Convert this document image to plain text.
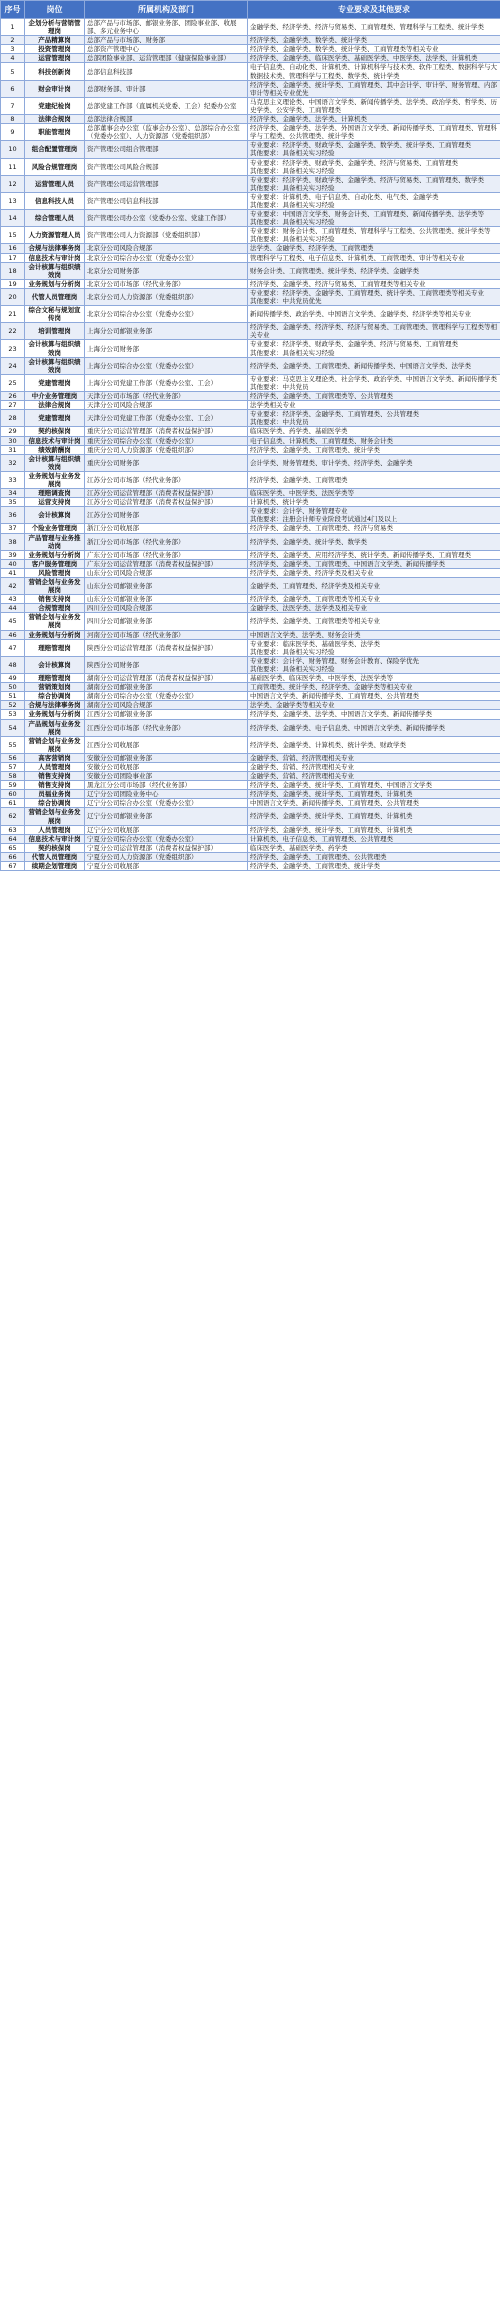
序号	岗位	所属机构及部门	专业要求及其他要求
1	企划分析与营销管理岗	总部产品与市场部、邮银业务部、团险事业部、收展部、多元业务中心	金融学类、经济学类、经济与贸易类、工商管理类、管理科学与工程类、统计学类
2	产品精算岗	总部产品与市场部、财务部	经济学类、金融学类、数学类、统计学类
3	投资管理岗	总部资产管理中心	经济学类、金融学类、数学类、统计学类、工商管理类等相关专业
4	运营管理岗	总部团险事业部、运营管理部（健康保险事业部）	经济学类、金融学类、临床医学类、基础医学类、中医学类、法学类、计算机类
5	科技创新岗	总部信息科技部	电子信息类、自动化类、计算机类、计算机科学与技术类、软件工程类、数据科学与大数据技术类、管理科学与工程类、数学类、统计学类
6	财会审计岗	总部财务部、审计部	经济学类、金融学类、统计学类、工商管理类、其中会计学、审计学、财务管理、内部审计等相关专业优先
7	党建纪检岗	总部党建工作部（直属机关党委、工会）纪委办公室	马克思主义理论类、中国语言文学类、新闻传播学类、法学类、政治学类、哲学类、历史学类、公安学类、工商管理类
8	法律合规岗	总部法律合规部	经济学类、金融学类、法学类、计算机类
9	职能管理岗	总部董事会办公室（监事会办公室）、总部综合办公室（党委办公室）、人力资源部（党委组织部）	经济学类、金融学类、法学类、外国语言文学类、新闻传播学类、工商管理类、管理科学与工程类、公共管理类、统计学类
10	组合配置管理岗	资产管理公司组合管理部	专业要求：经济学类、财政学类、金融学类、数学类、统计学类、工商管理类
其他要求：具备相关实习经验
11	风险合规管理岗	资产管理公司风险合规部	专业要求：经济学类、财政学类、金融学类、经济与贸易类、工商管理类
其他要求：具备相关实习经验
12	运营管理人员	资产管理公司运营管理部	专业要求：经济学类、财政学类、金融学类、经济与贸易类、工商管理类、数学类
其他要求：具备相关实习经验
13	信息科技人员	资产管理公司信息科技部	专业要求：计算机类、电子信息类、自动化类、电气类、金融学类
其他要求：具备相关实习经验
14	综合管理人员	资产管理公司办公室（党委办公室、党建工作部）	专业要求：中国语言文学类、财务会计类、工商管理类、新闻传播学类、法学类等
其他要求：具备相关实习经验
15	人力资源管理人员	资产管理公司人力资源部（党委组织部）	专业要求：财务会计类、工商管理类、管理科学与工程类、公共管理类、统计学类等
其他要求：具备相关实习经验
16	合规与法律事务岗	北京分公司风险合规部	法学类、金融学类、经济学类、工商管理类
17	信息技术与审计岗	北京分公司综合办公室（党委办公室）	管理科学与工程类、电子信息类、计算机类、工商管理类、审计等相关专业
18	会计核算与组织绩效岗	北京分公司财务部	财务会计类、工商管理类、统计学类、经济学类、金融学类
19	业务规划与分析岗	北京分公司市场部（经代业务部）	经济学类、金融学类、经济与贸易类、工商管理类等相关专业
20	代管人员管理岗	北京分公司人力资源部（党委组织部）	专业要求：经济学类、金融学类、工商管理类、统计学类、工商管理类等相关专业
其他要求：中共党员优先
21	综合文秘与规划宣传岗	北京分公司综合办公室（党委办公室）	新闻传播学类、政治学类、中国语言文学类、金融学类、经济学类等相关专业
22	培训管理岗	上海分公司邮银业务部	经济学类、金融学类、经济学类、经济与贸易类、工商管理类、管理科学与工程类等相关专业
23	会计核算与组织绩效岗	上海分公司财务部	专业要求：经济学类、财政学类、金融学类、经济与贸易类、工商管理类
其他要求：具备相关实习经验
24	会计核算与组织绩效岗	上海分公司综合办公室（党委办公室）	经济学类、金融学类、工商管理类、新闻传播学类、中国语言文学类、法学类
25	党建管理岗	上海分公司党建工作部（党委办公室、工会）	专业要求：马克思主义理论类、社会学类、政治学类、中国语言文学类、新闻传播学类
其他要求：中共党员
26	中介业务管理岗	天津分公司市场部（经代业务部）	经济学类、金融学类、工商管理类等、公共管理类
27	法律合规岗	天津分公司风险合规部	法学类相关专业
28	党建管理岗	天津分公司党建工作部（党委办公室、工会）	专业要求：经济学类、金融学类、工商管理类、公共管理类
其他要求：中共党员
29	契约核保岗	重庆分公司运营管理部（消费者权益保护部）	临床医学类、药学类、基础医学类
30	信息技术与审计岗	重庆分公司综合办公室（党委办公室）	电子信息类、计算机类、工商管理类、财务会计类
31	绩效薪酬岗	重庆分公司人力资源部（党委组织部）	经济学类、金融学类、工商管理类、统计学类
32	会计核算与组织绩效岗	重庆分公司财务部	会计学类、财务管理类、审计学类、经济学类、金融学类
33	业务规划与业务发展岗	江苏分公司市场部（经代业务部）	经济学类、金融学类、工商管理类
34	理赔调查岗	江苏分公司运营管理部（消费者权益保护部）	临床医学类、中医学类、法医学类等
35	运营支持岗	江苏分公司运营管理部（消费者权益保护部）	计算机类、统计学类
36	会计核算岗	江苏分公司财务部	专业要求：会计学、财务管理专业
其他要求：注册会计师专业阶段考试通过4门及以上
37	个险业务管理岗	浙江分公司收展部	经济学类、金融学类、工商管理类、经济与贸易类
38	产品管理与业务推动岗	浙江分公司市场部（经代业务部）	经济学类、金融学类、统计学类、数学类
39	业务规划与分析岗	广东分公司市场部（经代业务部）	经济学类、金融学类、应用经济学类、统计学类、新闻传播学类、工商管理类
40	客户服务管理岗	广东分公司运营管理部（消费者权益保护部）	经济学类、金融学类、工商管理类、中国语言文学类、新闻传播学类
41	风险管理岗	山东分公司风险合规部	经济学类、金融学类、经济学类及相关专业
42	营销企划与业务发展岗	山东分公司邮银业务部	金融学类、工商管理类、经济学类及相关专业
43	销售支持岗	山东分公司邮银业务部	经济学类、金融学类、工商管理类等相关专业
44	合规管理岗	四川分公司风险合规部	金融学类、法医学类、法学类及相关专业
45	营销企划与业务发展岗	四川分公司邮银业务部	经济学类、金融学类、工商管理类等相关专业
46	业务规划与分析岗	河南分公司市场部（经代业务部）	中国语言文学类、法学类、财务会计类
47	理赔管理岗	陕西分公司运营管理部（消费者权益保护部）	专业要求：临床医学类、基础医学类、法学类
其他要求：具备相关实习经验
48	会计核算岗	陕西分公司财务部	专业要求：会计学、财务管理、财务会计教育、保险学优先
其他要求：具备相关实习经验
49	理赔管理岗	湖南分公司运营管理部（消费者权益保护部）	基础医学类、临床医学类、中医学类、法医学类等
50	营销策划岗	湖南分公司邮银业务部	工商管理类、统计学类、经济学类、金融学类等相关专业
51	综合协调岗	湖南分公司综合办公室（党委办公室）	中国语言文学类、新闻传播学类、工商管理类、公共管理类
52	合规与法律事务岗	湖南分公司风险合规部	法学类、金融学类等相关专业
53	业务规划与分析岗	江西分公司邮银业务部	经济学类、金融学类、法学类、中国语言文学类、新闻传播学类
54	产品规划与业务发展岗	江西分公司市场部（经代业务部）	经济学类、金融学类、电子信息类、中国语言文学类、新闻传播学类
55	营销企划与业务发展岗	江西分公司收展部	经济学类、金融学类、计算机类、统计学类、财政学类
56	高客营销岗	安徽分公司邮银业务部	金融学类、营销、经济管理相关专业
57	人员管理岗	安徽分公司收展部	金融学类、营销、经济管理相关专业
58	销售支持岗	安徽分公司团险事业部	金融学类、营销、经济管理相关专业
59	销售支持岗	黑龙江分公司市场部（经代业务部）	经济学类、金融学类、统计学类、工商管理类、中国语言文学类
60	员福业务岗	辽宁分公司团险业务中心	经济学类、金融学类、统计学类、工商管理类、计算机类
61	综合协调岗	辽宁分公司综合办公室（党委办公室）	中国语言文学类、新闻传播学类、工商管理类、公共管理类
62	营销企划与业务发展岗	辽宁分公司邮银业务部	经济学类、金融学类、统计学类、工商管理类、计算机类
63	人员管理岗	辽宁分公司收展部	经济学类、金融学类、统计学类、工商管理类、计算机类
64	信息技术与审计岗	宁夏分公司综合办公室（党委办公室）	计算机类、电子信息类、工商管理类、公共管理类
65	契约核保岗	宁夏分公司运营管理部（消费者权益保护部）	临床医学类、基础医学类、药学类
66	代管人员管理岗	宁夏分公司人力资源部（党委组织部）	经济学类、金融学类、工商管理类、公共管理类
67	续期企划管理岗	宁夏分公司收展部	经济学类、金融学类、工商管理类、统计学类
